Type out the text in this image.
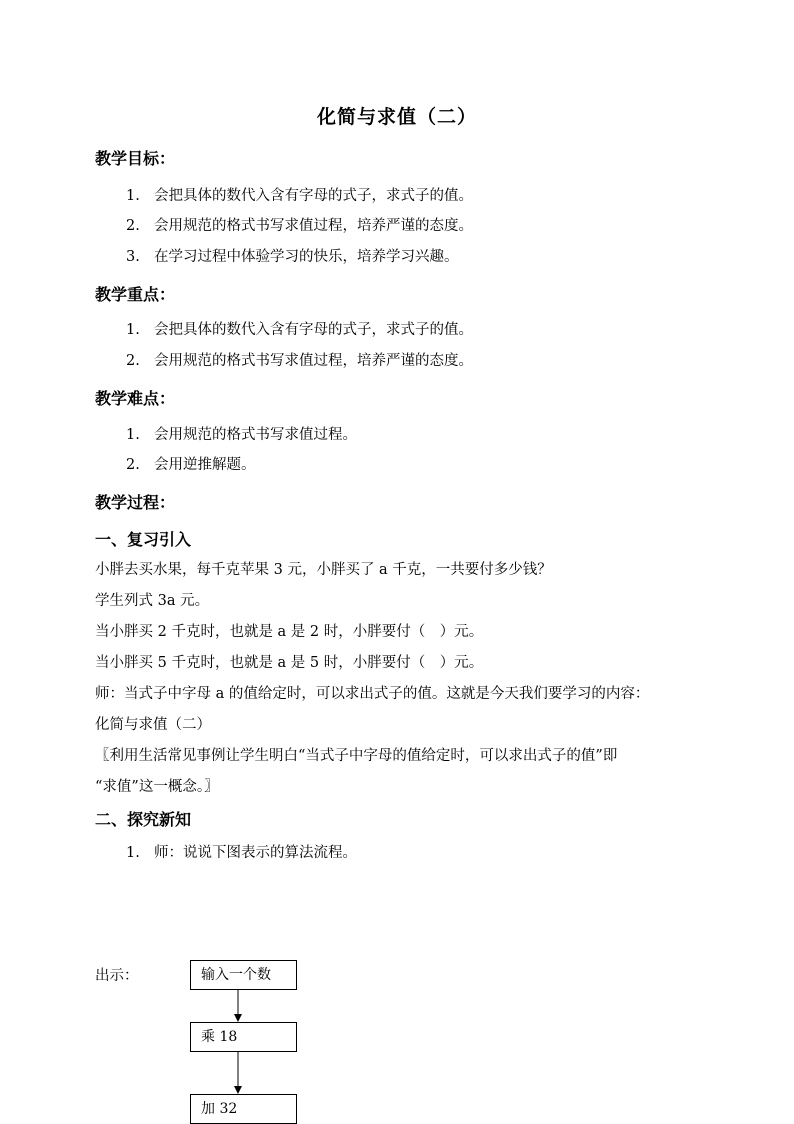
化简与求值（二）
教学目标：
1. 会把具体的数代入含有字母的式子，求式子的值。
2. 会用规范的格式书写求值过程，培养严谨的态度。
3. 在学习过程中体验学习的快乐，培养学习兴趣。
教学重点：
1. 会把具体的数代入含有字母的式子，求式子的值。
2. 会用规范的格式书写求值过程，培养严谨的态度。
教学难点：
1. 会用规范的格式书写求值过程。
2. 会用逆推解题。
教学过程：
一、复习引入
小胖去买水果，每千克苹果 3 元，小胖买了 a 千克，一共要付多少钱？
学生列式 3a 元。
当小胖买 2 千克时，也就是 a 是 2 时，小胖要付（　）元。
当小胖买 5 千克时，也就是 a 是 5 时，小胖要付（　）元。
师：当式子中字母 a 的值给定时，可以求出式子的值。这就是今天我们要学习的内容：
化简与求值（二）
〖利用生活常见事例让学生明白“当式子中字母的值给定时，可以求出式子的值”即
“求值”这一概念。〗
二、探究新知
1. 师：说说下图表示的算法流程。
出示：	输入一个数
乘 18
加 32
